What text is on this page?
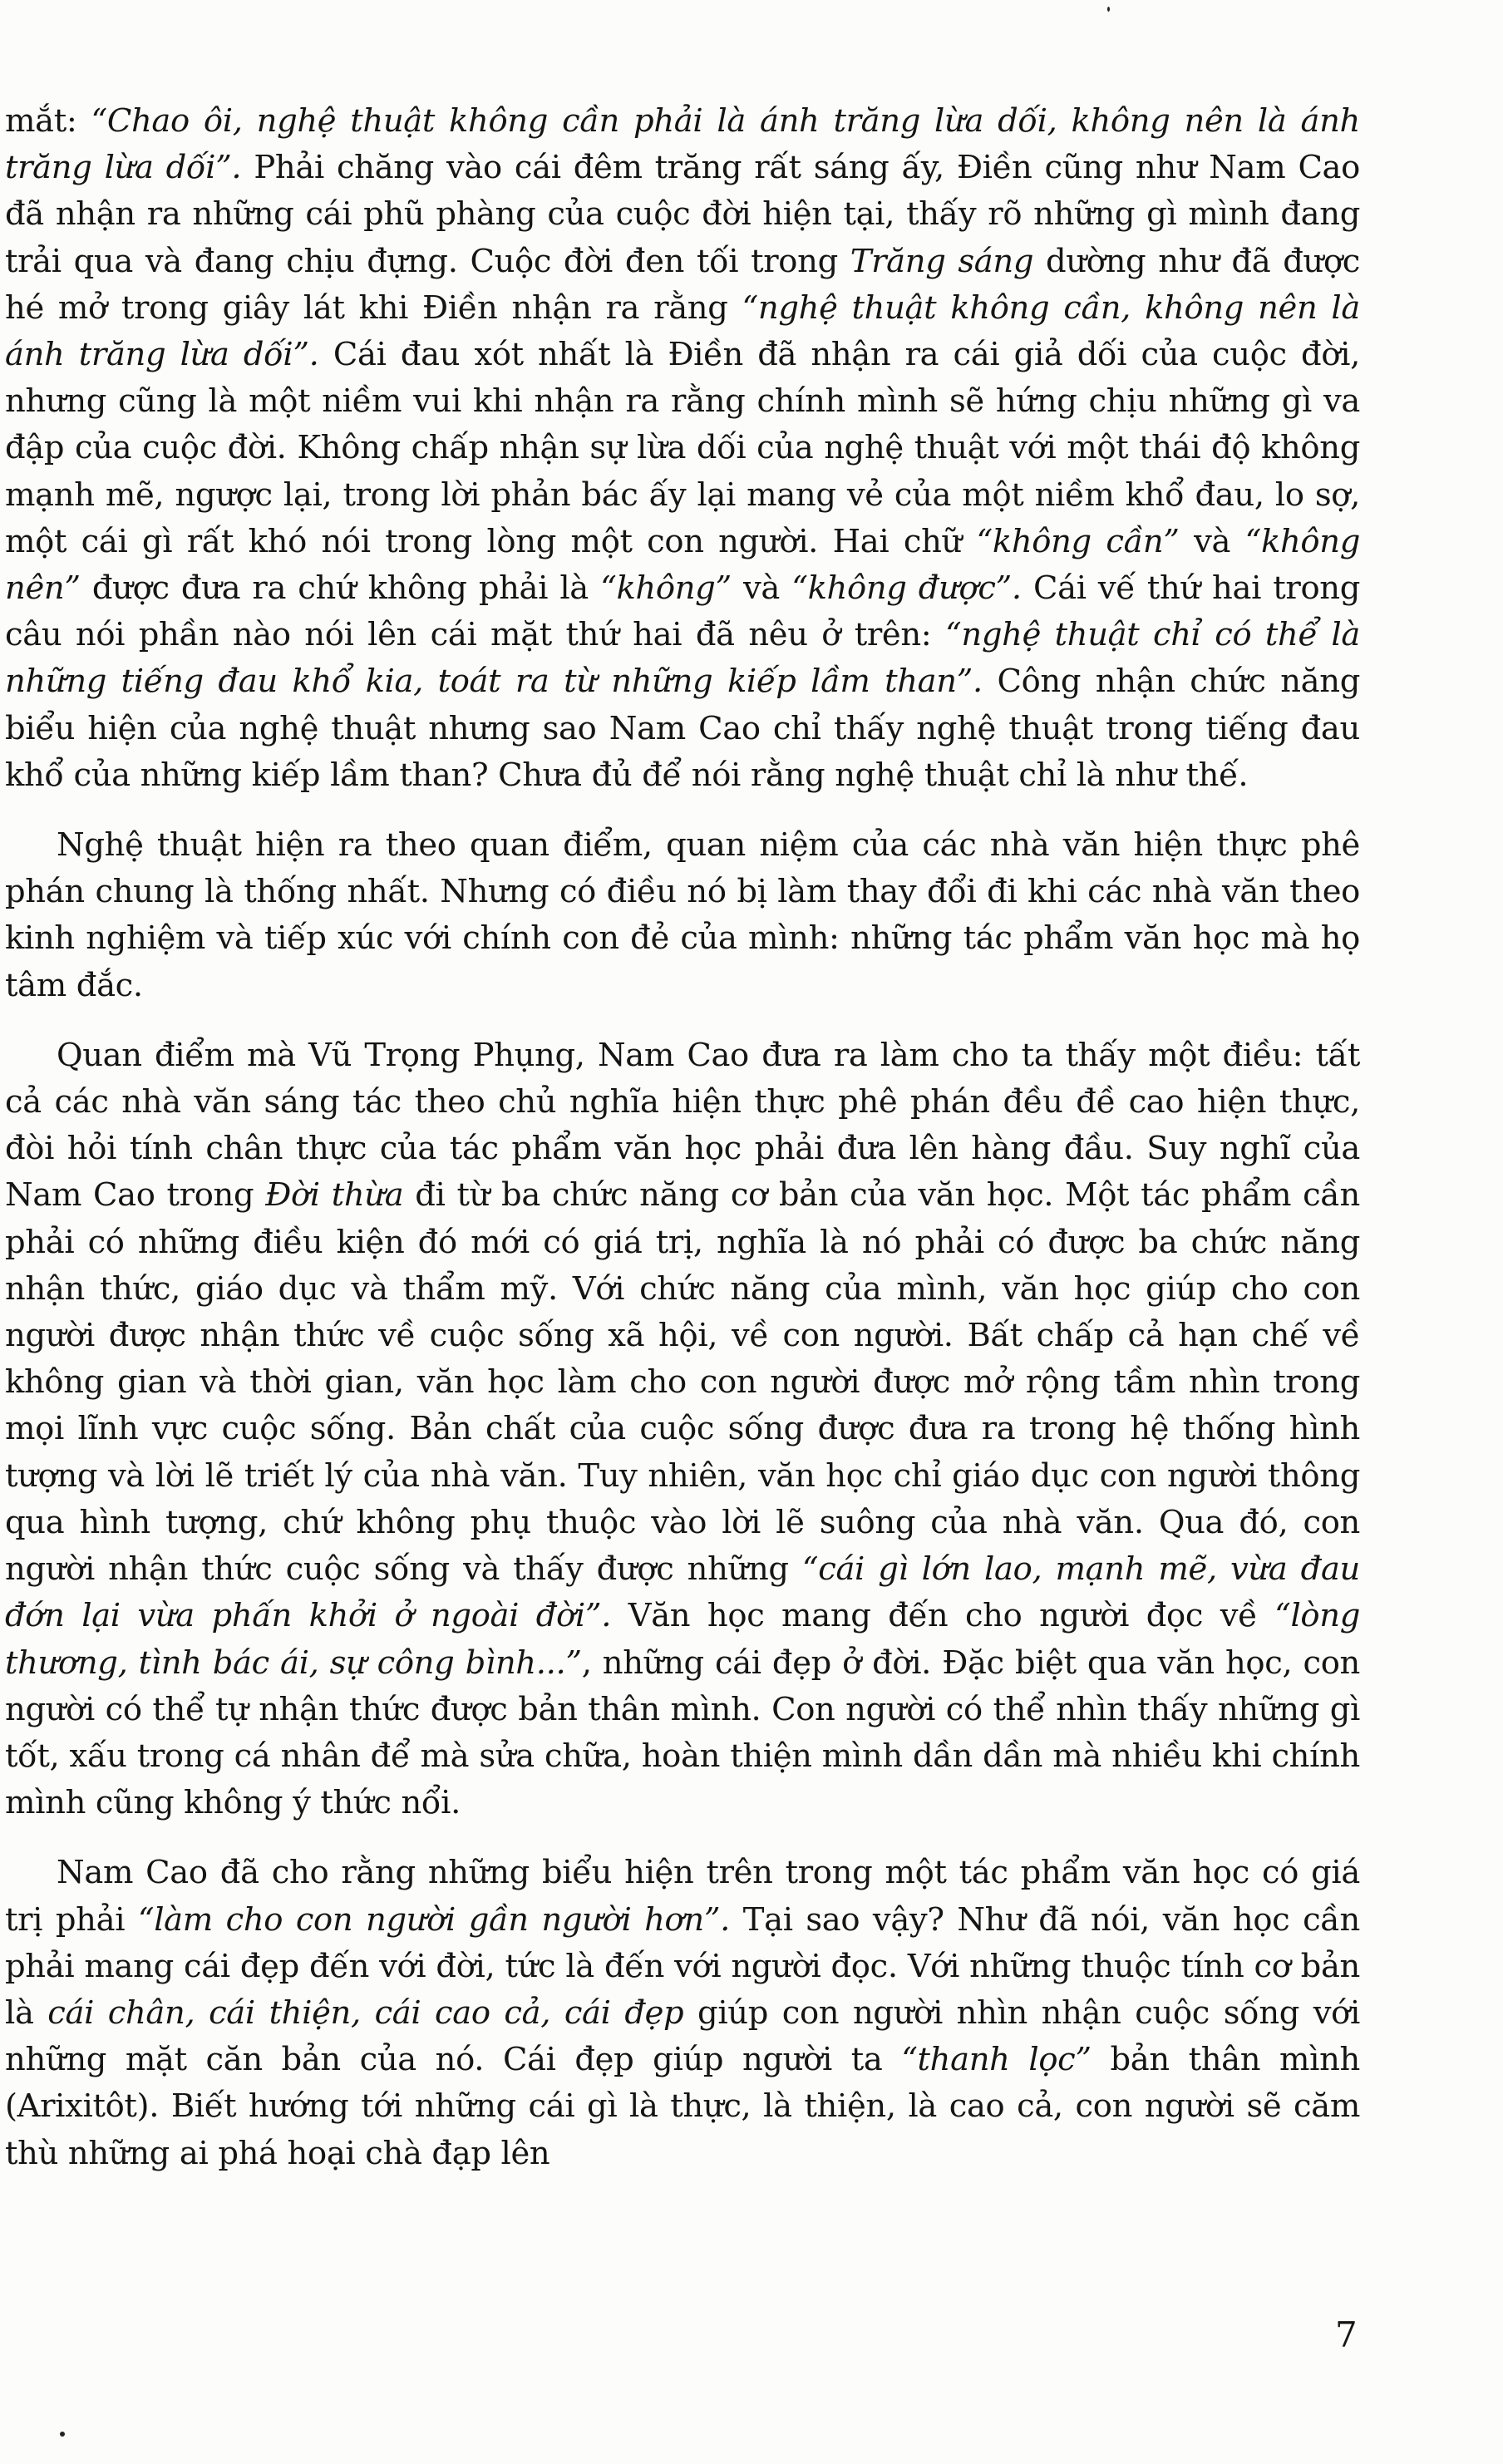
mắt: “Chao ôi, nghệ thuật không cần phải là ánh trăng lừa dối, không nên là ánh trăng lừa dối”. Phải chăng vào cái đêm trăng rất sáng ấy, Điền cũng như Nam Cao đã nhận ra những cái phũ phàng của cuộc đời hiện tại, thấy rõ những gì mình đang trải qua và đang chịu đựng. Cuộc đời đen tối trong Trăng sáng dường như đã được hé mở trong giây lát khi Điền nhận ra rằng “nghệ thuật không cần, không nên là ánh trăng lừa dối”. Cái đau xót nhất là Điền đã nhận ra cái giả dối của cuộc đời, nhưng cũng là một niềm vui khi nhận ra rằng chính mình sẽ hứng chịu những gì va đập của cuộc đời. Không chấp nhận sự lừa dối của nghệ thuật với một thái độ không mạnh mẽ, ngược lại, trong lời phản bác ấy lại mang vẻ của một niềm khổ đau, lo sợ, một cái gì rất khó nói trong lòng một con người. Hai chữ “không cần” và “không nên” được đưa ra chứ không phải là “không” và “không được”. Cái vế thứ hai trong câu nói phần nào nói lên cái mặt thứ hai đã nêu ở trên: “nghệ thuật chỉ có thể là những tiếng đau khổ kia, toát ra từ những kiếp lầm than”. Công nhận chức năng biểu hiện của nghệ thuật nhưng sao Nam Cao chỉ thấy nghệ thuật trong tiếng đau khổ của những kiếp lầm than? Chưa đủ để nói rằng nghệ thuật chỉ là như thế.

Nghệ thuật hiện ra theo quan điểm, quan niệm của các nhà văn hiện thực phê phán chung là thống nhất. Nhưng có điều nó bị làm thay đổi đi khi các nhà văn theo kinh nghiệm và tiếp xúc với chính con đẻ của mình: những tác phẩm văn học mà họ tâm đắc.

Quan điểm mà Vũ Trọng Phụng, Nam Cao đưa ra làm cho ta thấy một điều: tất cả các nhà văn sáng tác theo chủ nghĩa hiện thực phê phán đều đề cao hiện thực, đòi hỏi tính chân thực của tác phẩm văn học phải đưa lên hàng đầu. Suy nghĩ của Nam Cao trong Đời thừa đi từ ba chức năng cơ bản của văn học. Một tác phẩm cần phải có những điều kiện đó mới có giá trị, nghĩa là nó phải có được ba chức năng nhận thức, giáo dục và thẩm mỹ. Với chức năng của mình, văn học giúp cho con người được nhận thức về cuộc sống xã hội, về con người. Bất chấp cả hạn chế về không gian và thời gian, văn học làm cho con người được mở rộng tầm nhìn trong mọi lĩnh vực cuộc sống. Bản chất của cuộc sống được đưa ra trong hệ thống hình tượng và lời lẽ triết lý của nhà văn. Tuy nhiên, văn học chỉ giáo dục con người thông qua hình tượng, chứ không phụ thuộc vào lời lẽ suông của nhà văn. Qua đó, con người nhận thức cuộc sống và thấy được những “cái gì lớn lao, mạnh mẽ, vừa đau đớn lại vừa phấn khởi ở ngoài đời”. Văn học mang đến cho người đọc về “lòng thương, tình bác ái, sự công bình...”, những cái đẹp ở đời. Đặc biệt qua văn học, con người có thể tự nhận thức được bản thân mình. Con người có thể nhìn thấy những gì tốt, xấu trong cá nhân để mà sửa chữa, hoàn thiện mình dần dần mà nhiều khi chính mình cũng không ý thức nổi.

Nam Cao đã cho rằng những biểu hiện trên trong một tác phẩm văn học có giá trị phải “làm cho con người gần người hơn”. Tại sao vậy? Như đã nói, văn học cần phải mang cái đẹp đến với đời, tức là đến với người đọc. Với những thuộc tính cơ bản là cái chân, cái thiện, cái cao cả, cái đẹp giúp con người nhìn nhận cuộc sống với những mặt căn bản của nó. Cái đẹp giúp người ta “thanh lọc” bản thân mình (Arixitôt). Biết hướng tới những cái gì là thực, là thiện, là cao cả, con người sẽ căm thù những ai phá hoại chà đạp lên

7
